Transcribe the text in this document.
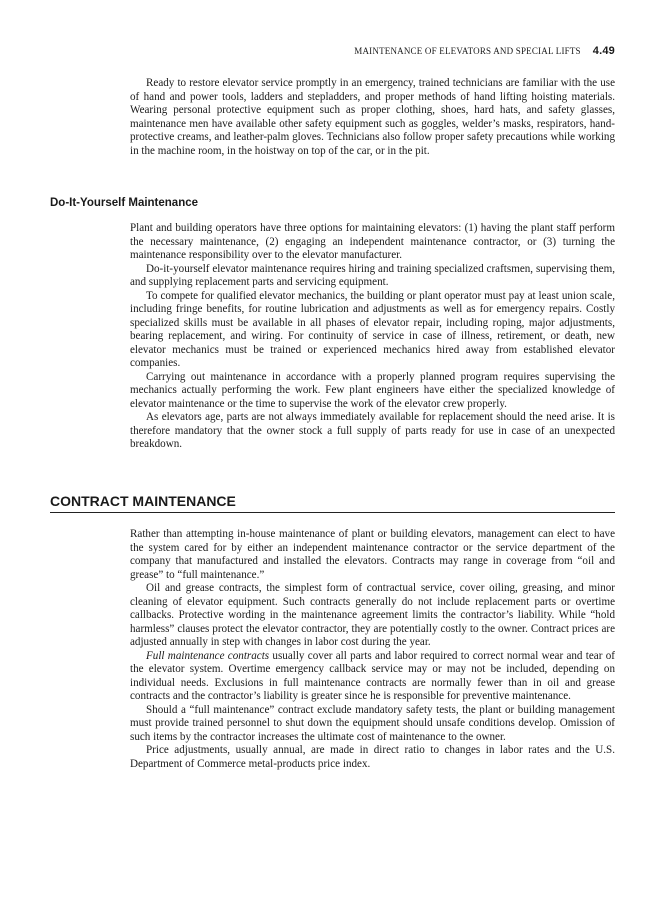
MAINTENANCE OF ELEVATORS AND SPECIAL LIFTS 4.49

Ready to restore elevator service promptly in an emergency, trained technicians are familiar with the use of hand and power tools, ladders and stepladders, and proper methods of hand lifting hoisting materials. Wearing personal protective equipment such as proper clothing, shoes, hard hats, and safety glasses, maintenance men have available other safety equipment such as goggles, welder’s masks, respirators, hand-protective creams, and leather-palm gloves. Technicians also follow proper safety precautions while working in the machine room, in the hoistway on top of the car, or in the pit.

Do-It-Yourself Maintenance

Plant and building operators have three options for maintaining elevators: (1) having the plant staff perform the necessary maintenance, (2) engaging an independent maintenance contractor, or (3) turning the maintenance responsibility over to the elevator manufacturer.

Do-it-yourself elevator maintenance requires hiring and training specialized craftsmen, supervising them, and supplying replacement parts and servicing equipment.

To compete for qualified elevator mechanics, the building or plant operator must pay at least union scale, including fringe benefits, for routine lubrication and adjustments as well as for emergency repairs. Costly specialized skills must be available in all phases of elevator repair, including roping, major adjustments, bearing replacement, and wiring. For continuity of service in case of illness, retirement, or death, new elevator mechanics must be trained or experienced mechanics hired away from established elevator companies.

Carrying out maintenance in accordance with a properly planned program requires supervising the mechanics actually performing the work. Few plant engineers have either the specialized knowledge of elevator maintenance or the time to supervise the work of the elevator crew properly.

As elevators age, parts are not always immediately available for replacement should the need arise. It is therefore mandatory that the owner stock a full supply of parts ready for use in case of an unexpected breakdown.

CONTRACT MAINTENANCE

Rather than attempting in-house maintenance of plant or building elevators, management can elect to have the system cared for by either an independent maintenance contractor or the service department of the company that manufactured and installed the elevators. Contracts may range in coverage from “oil and grease” to “full maintenance.”

Oil and grease contracts, the simplest form of contractual service, cover oiling, greasing, and minor cleaning of elevator equipment. Such contracts generally do not include replacement parts or overtime callbacks. Protective wording in the maintenance agreement limits the contractor’s liability. While “hold harmless” clauses protect the elevator contractor, they are potentially costly to the owner. Contract prices are adjusted annually in step with changes in labor cost during the year.

Full maintenance contracts usually cover all parts and labor required to correct normal wear and tear of the elevator system. Overtime emergency callback service may or may not be included, depending on individual needs. Exclusions in full maintenance contracts are normally fewer than in oil and grease contracts and the contractor’s liability is greater since he is responsible for preventive maintenance.

Should a “full maintenance” contract exclude mandatory safety tests, the plant or building management must provide trained personnel to shut down the equipment should unsafe conditions develop. Omission of such items by the contractor increases the ultimate cost of maintenance to the owner.

Price adjustments, usually annual, are made in direct ratio to changes in labor rates and the U.S. Department of Commerce metal-products price index.
